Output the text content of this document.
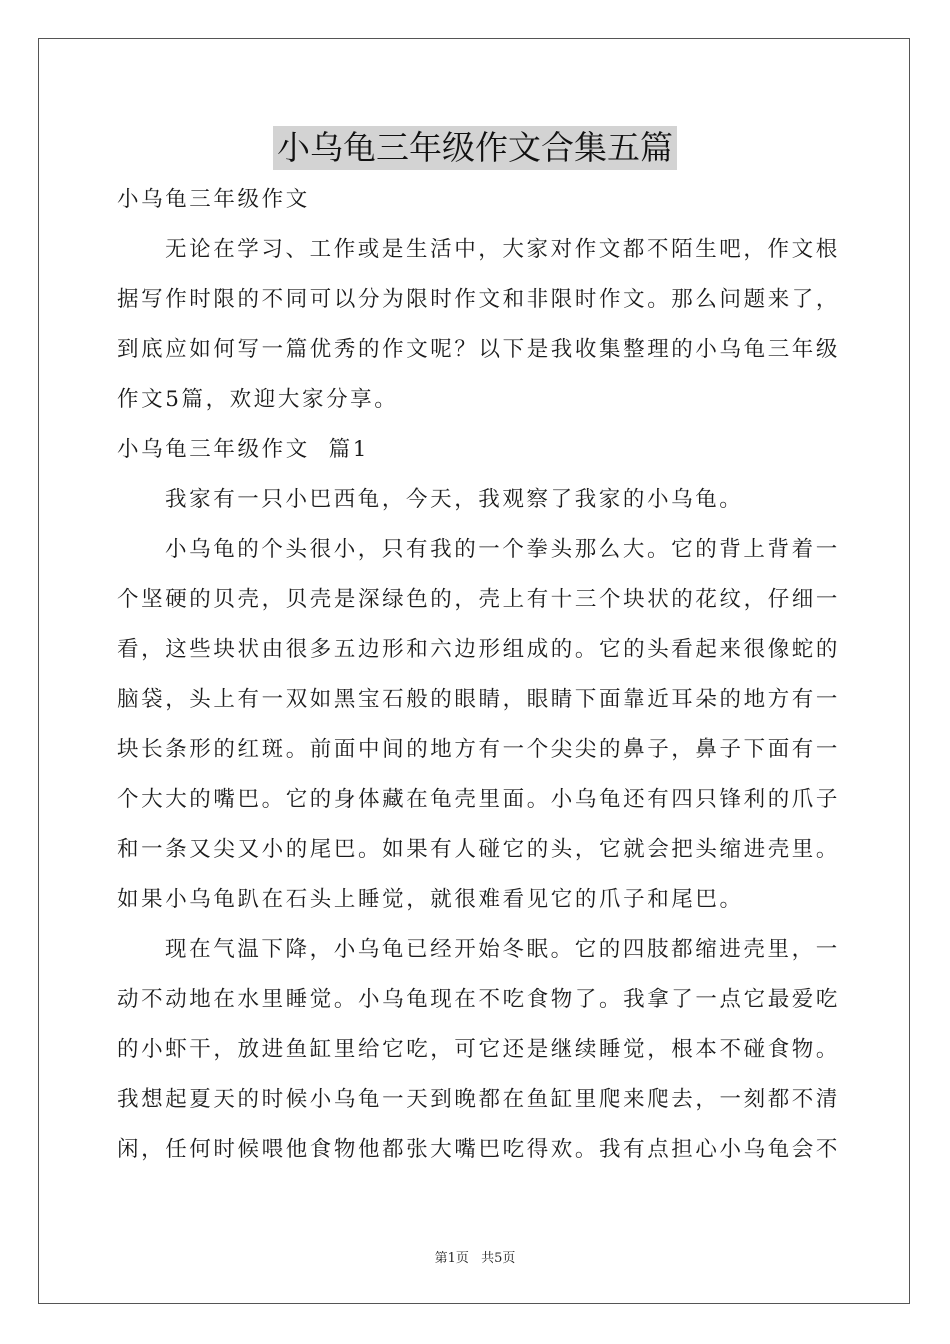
小乌龟三年级作文合集五篇

小乌龟三年级作文

无论在学习、工作或是生活中，大家对作文都不陌生吧，作文根
据写作时限的不同可以分为限时作文和非限时作文。那么问题来了，
到底应如何写一篇优秀的作文呢？以下是我收集整理的小乌龟三年级
作文5篇，欢迎大家分享。

小乌龟三年级作文  篇1

我家有一只小巴西龟，今天，我观察了我家的小乌龟。

小乌龟的个头很小，只有我的一个拳头那么大。它的背上背着一
个坚硬的贝壳，贝壳是深绿色的，壳上有十三个块状的花纹，仔细一
看，这些块状由很多五边形和六边形组成的。它的头看起来很像蛇的
脑袋，头上有一双如黑宝石般的眼睛，眼睛下面靠近耳朵的地方有一
块长条形的红斑。前面中间的地方有一个尖尖的鼻子，鼻子下面有一
个大大的嘴巴。它的身体藏在龟壳里面。小乌龟还有四只锋利的爪子
和一条又尖又小的尾巴。如果有人碰它的头，它就会把头缩进壳里。
如果小乌龟趴在石头上睡觉，就很难看见它的爪子和尾巴。

现在气温下降，小乌龟已经开始冬眠。它的四肢都缩进壳里，一
动不动地在水里睡觉。小乌龟现在不吃食物了。我拿了一点它最爱吃
的小虾干，放进鱼缸里给它吃，可它还是继续睡觉，根本不碰食物。
我想起夏天的时候小乌龟一天到晚都在鱼缸里爬来爬去，一刻都不清
闲，任何时候喂他食物他都张大嘴巴吃得欢。我有点担心小乌龟会不

第1页 共5页
